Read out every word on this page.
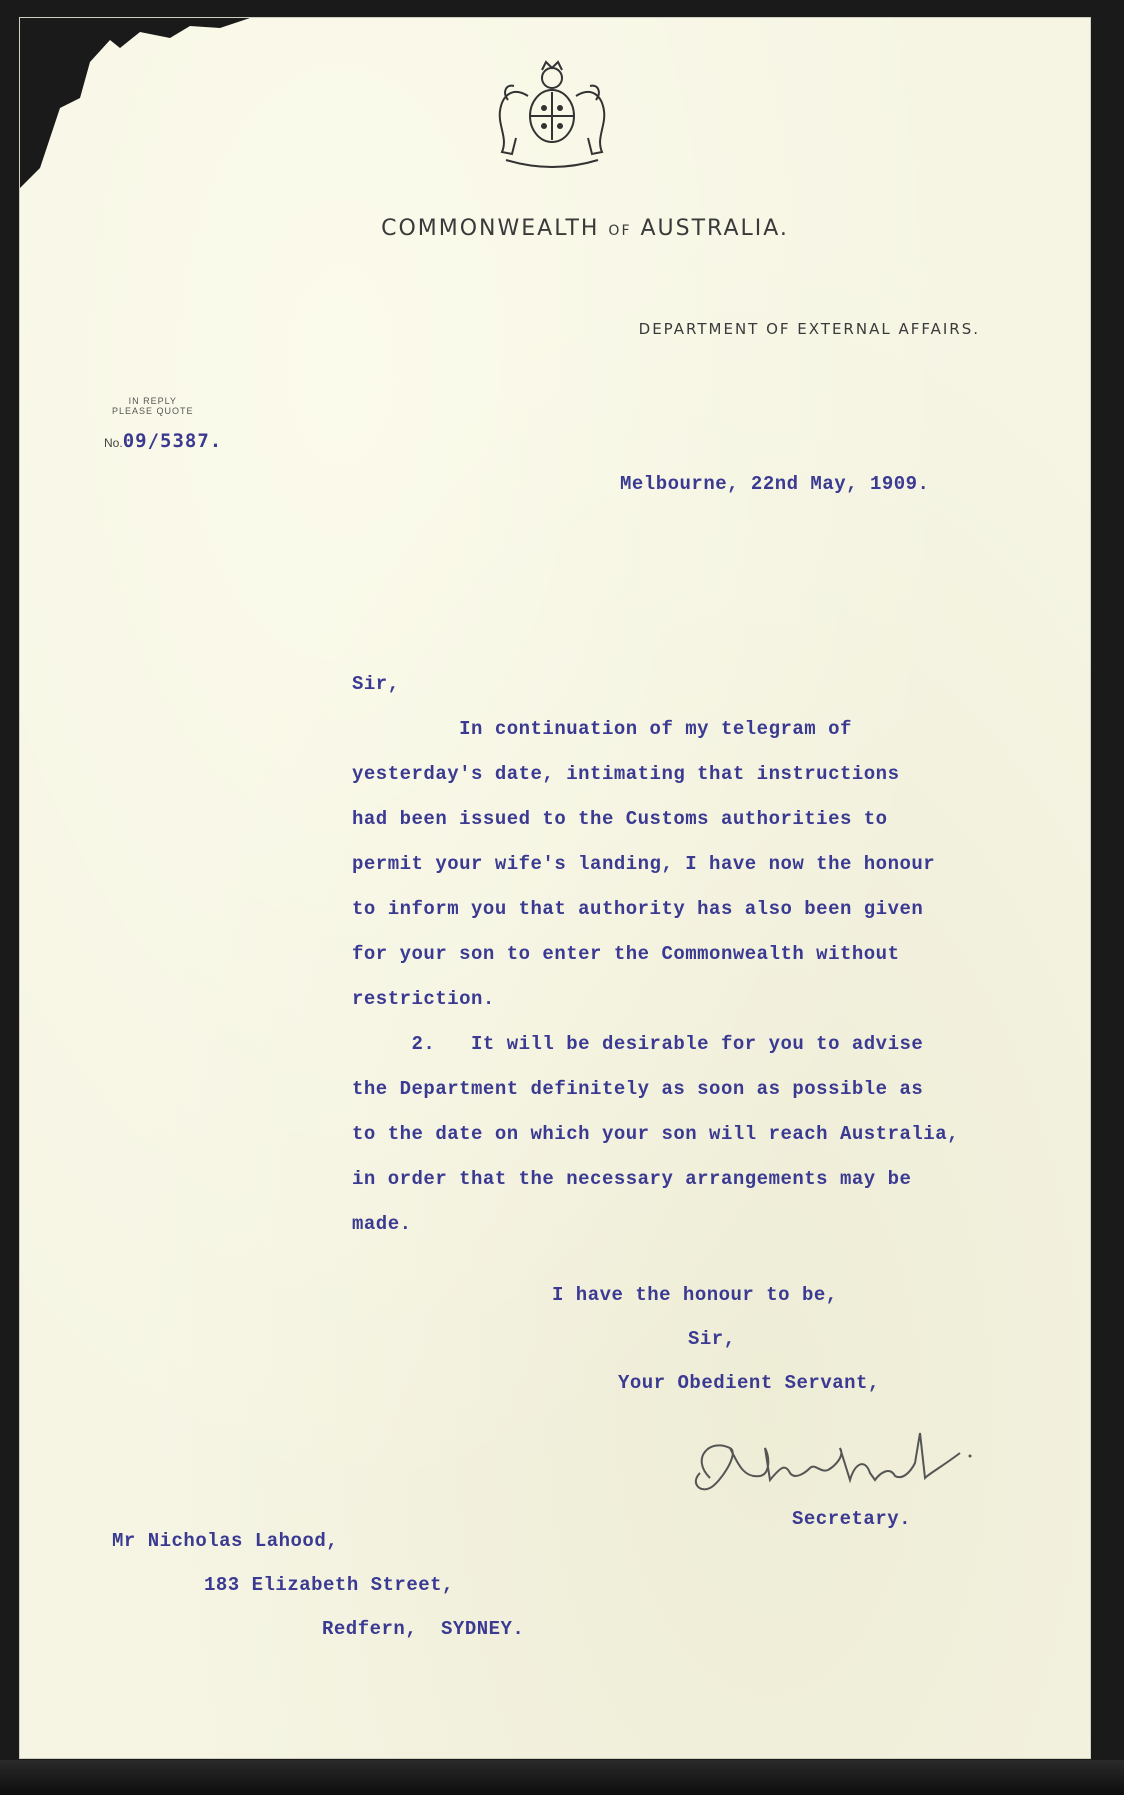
COMMONWEALTH OF AUSTRALIA.
DEPARTMENT OF EXTERNAL AFFAIRS.
IN REPLY
PLEASE QUOTE
No.09/5387.
Melbourne, 22nd May, 1909.
Sir,
In continuation of my telegram of
yesterday's date, intimating that instructions
had been issued to the Customs authorities to
permit your wife's landing, I have now the honour
to inform you that authority has also been given
for your son to enter the Commonwealth without
restriction.
2.   It will be desirable for you to advise
the Department definitely as soon as possible as
to the date on which your son will reach Australia,
in order that the necessary arrangements may be
made.
I have the honour to be,
Sir,
Your Obedient Servant,
Secretary.
Mr Nicholas Lahood,
183 Elizabeth Street,
Redfern,  SYDNEY.
